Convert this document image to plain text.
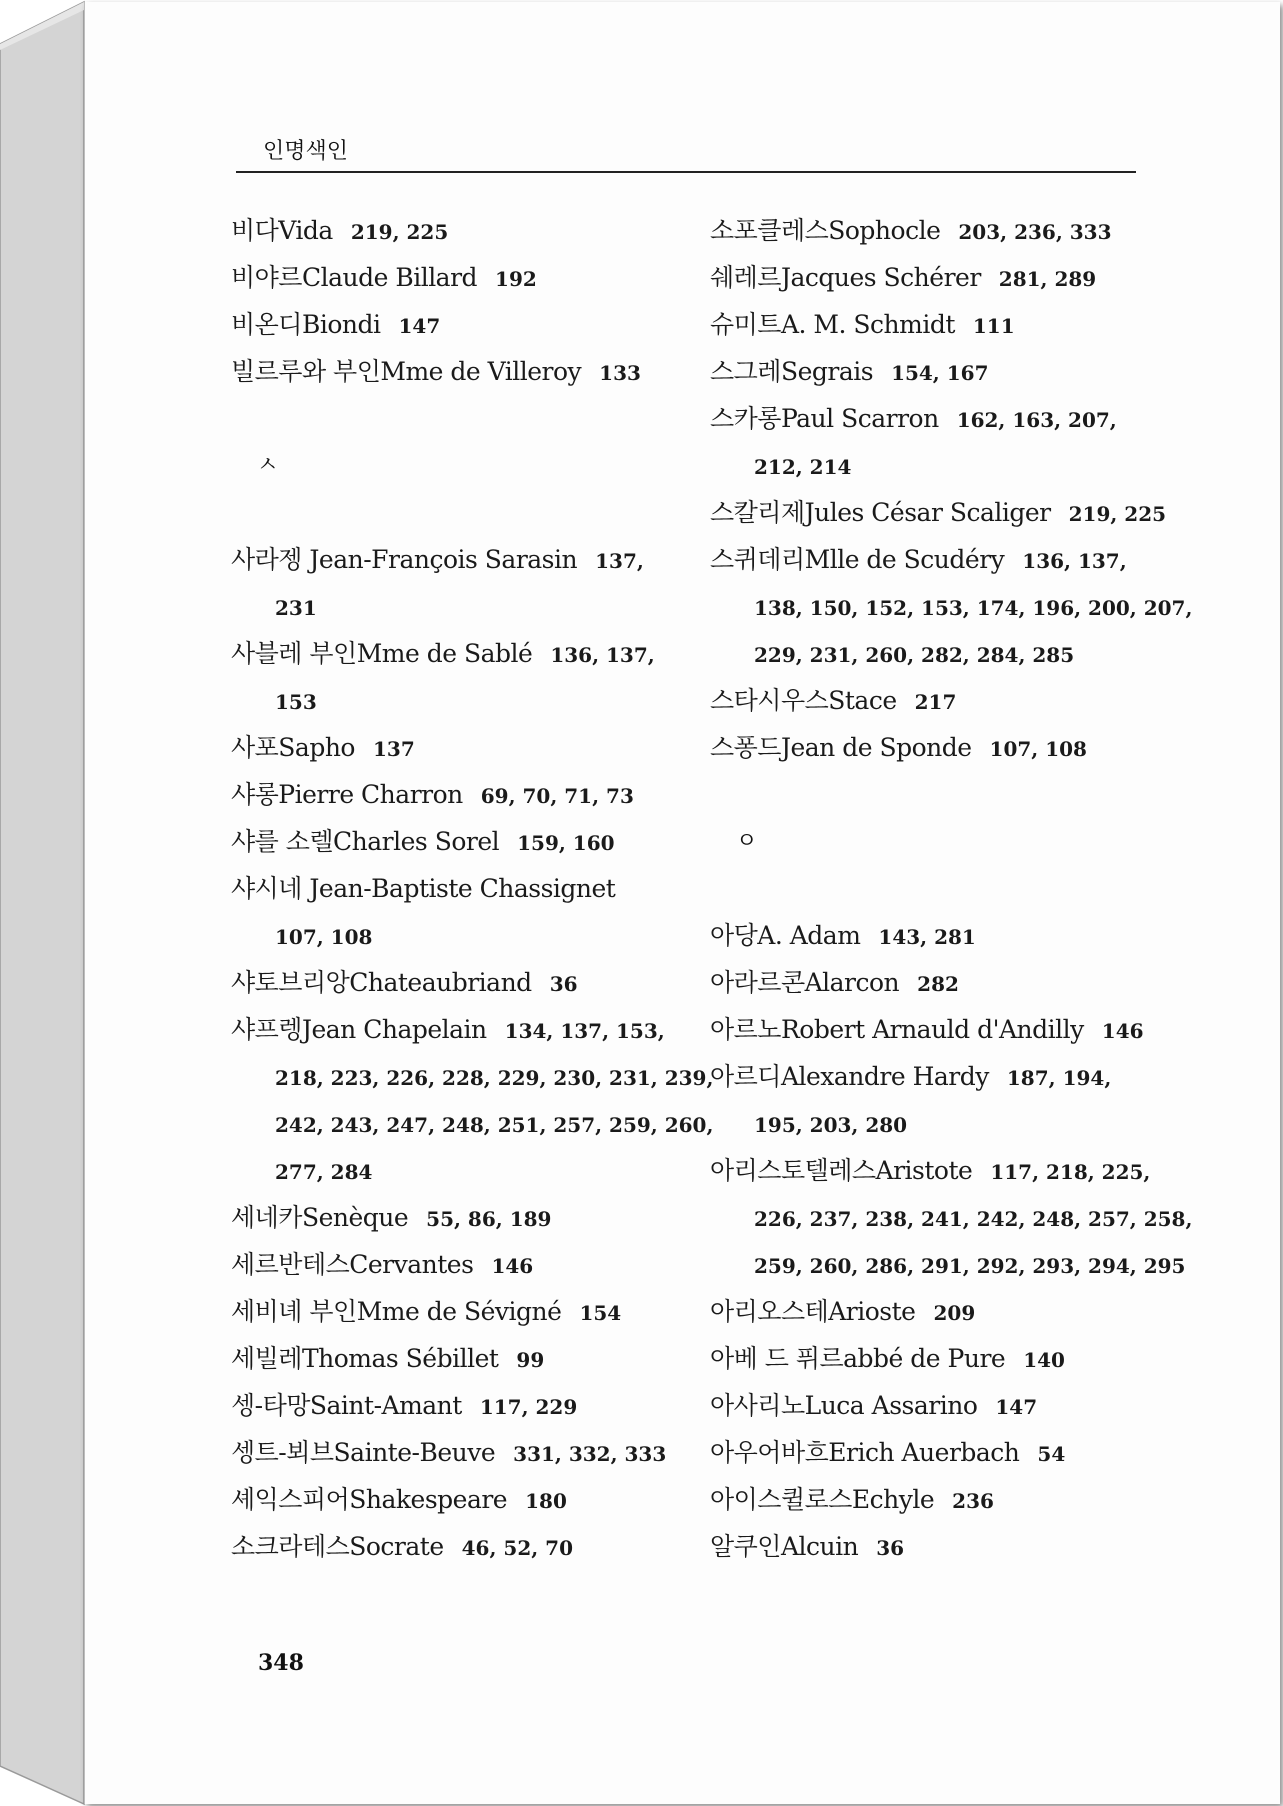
인명색인
비다Vida 219, 225
비야르Claude Billard 192
비온디Biondi 147
빌르루와 부인Mme de Villeroy 133
ㅅ
사라젱 Jean-François Sarasin 137,
231
사블레 부인Mme de Sablé 136, 137,
153
사포Sapho 137
샤롱Pierre Charron 69, 70, 71, 73
샤를 소렐Charles Sorel 159, 160
샤시네 Jean-Baptiste Chassignet
107, 108
샤토브리앙Chateaubriand 36
샤프렝Jean Chapelain 134, 137, 153,
218, 223, 226, 228, 229, 230, 231, 239,
242, 243, 247, 248, 251, 257, 259, 260,
277, 284
세네카Senèque 55, 86, 189
세르반테스Cervantes 146
세비녜 부인Mme de Sévigné 154
세빌레Thomas Sébillet 99
셍-타망Saint-Amant 117, 229
셍트-뵈브Sainte-Beuve 331, 332, 333
셰익스피어Shakespeare 180
소크라테스Socrate 46, 52, 70
소포클레스Sophocle 203, 236, 333
쉐레르Jacques Schérer 281, 289
슈미트A. M. Schmidt 111
스그레Segrais 154, 167
스카롱Paul Scarron 162, 163, 207,
212, 214
스칼리제Jules César Scaliger 219, 225
스퀴데리Mlle de Scudéry 136, 137,
138, 150, 152, 153, 174, 196, 200, 207,
229, 231, 260, 282, 284, 285
스타시우스Stace 217
스퐁드Jean de Sponde 107, 108
ㅇ
아당A. Adam 143, 281
아라르콘Alarcon 282
아르노Robert Arnauld d'Andilly 146
아르디Alexandre Hardy 187, 194,
195, 203, 280
아리스토텔레스Aristote 117, 218, 225,
226, 237, 238, 241, 242, 248, 257, 258,
259, 260, 286, 291, 292, 293, 294, 295
아리오스테Arioste 209
아베 드 퓌르abbé de Pure 140
아사리노Luca Assarino 147
아우어바흐Erich Auerbach 54
아이스퀼로스Echyle 236
알쿠인Alcuin 36
348
